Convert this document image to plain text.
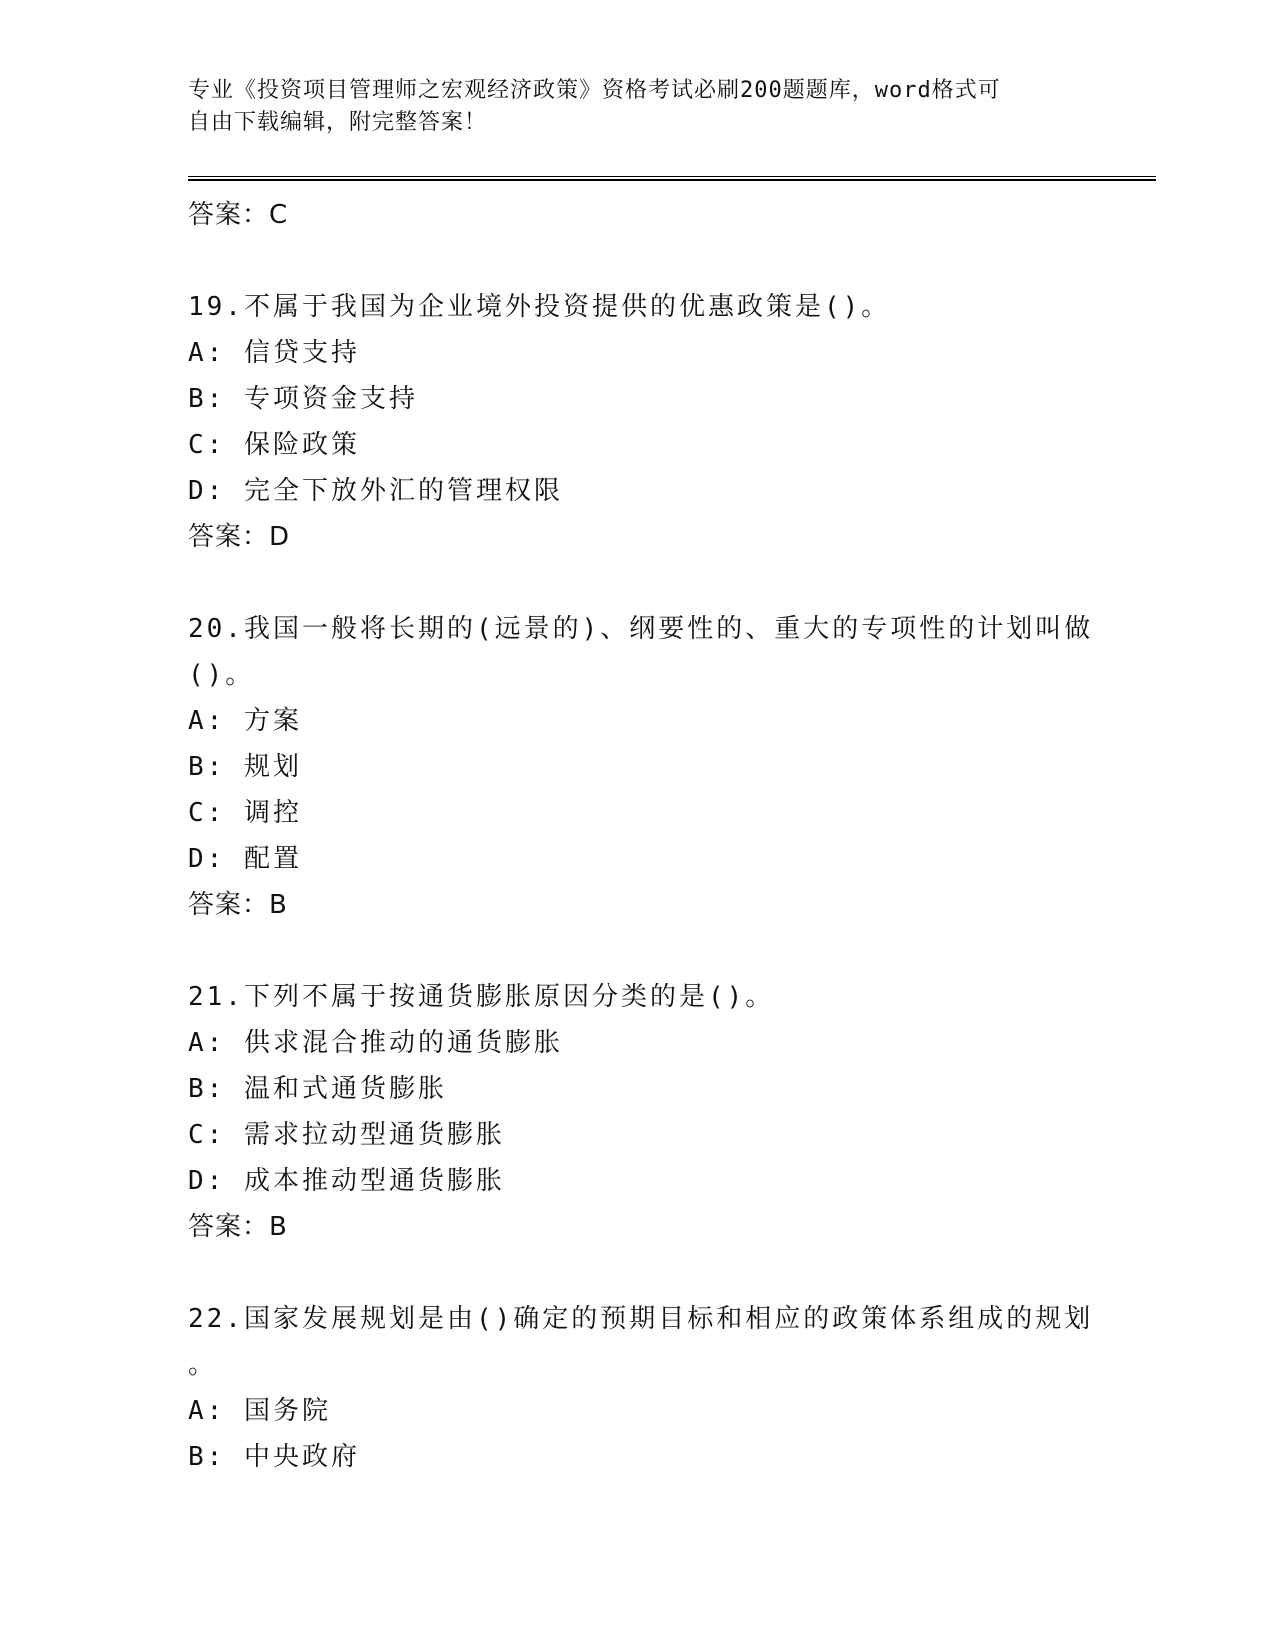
专业《投资项目管理师之宏观经济政策》资格考试必刷200题题库，word格式可
自由下载编辑，附完整答案！
答案：C
19.不属于我国为企业境外投资提供的优惠政策是()。
A: 信贷支持
B: 专项资金支持
C: 保险政策
D: 完全下放外汇的管理权限
答案：D
20.我国一般将长期的(远景的)、纲要性的、重大的专项性的计划叫做
()。
A: 方案
B: 规划
C: 调控
D: 配置
答案：B
21.下列不属于按通货膨胀原因分类的是()。
A: 供求混合推动的通货膨胀
B: 温和式通货膨胀
C: 需求拉动型通货膨胀
D: 成本推动型通货膨胀
答案：B
22.国家发展规划是由()确定的预期目标和相应的政策体系组成的规划
。
A: 国务院
B: 中央政府
